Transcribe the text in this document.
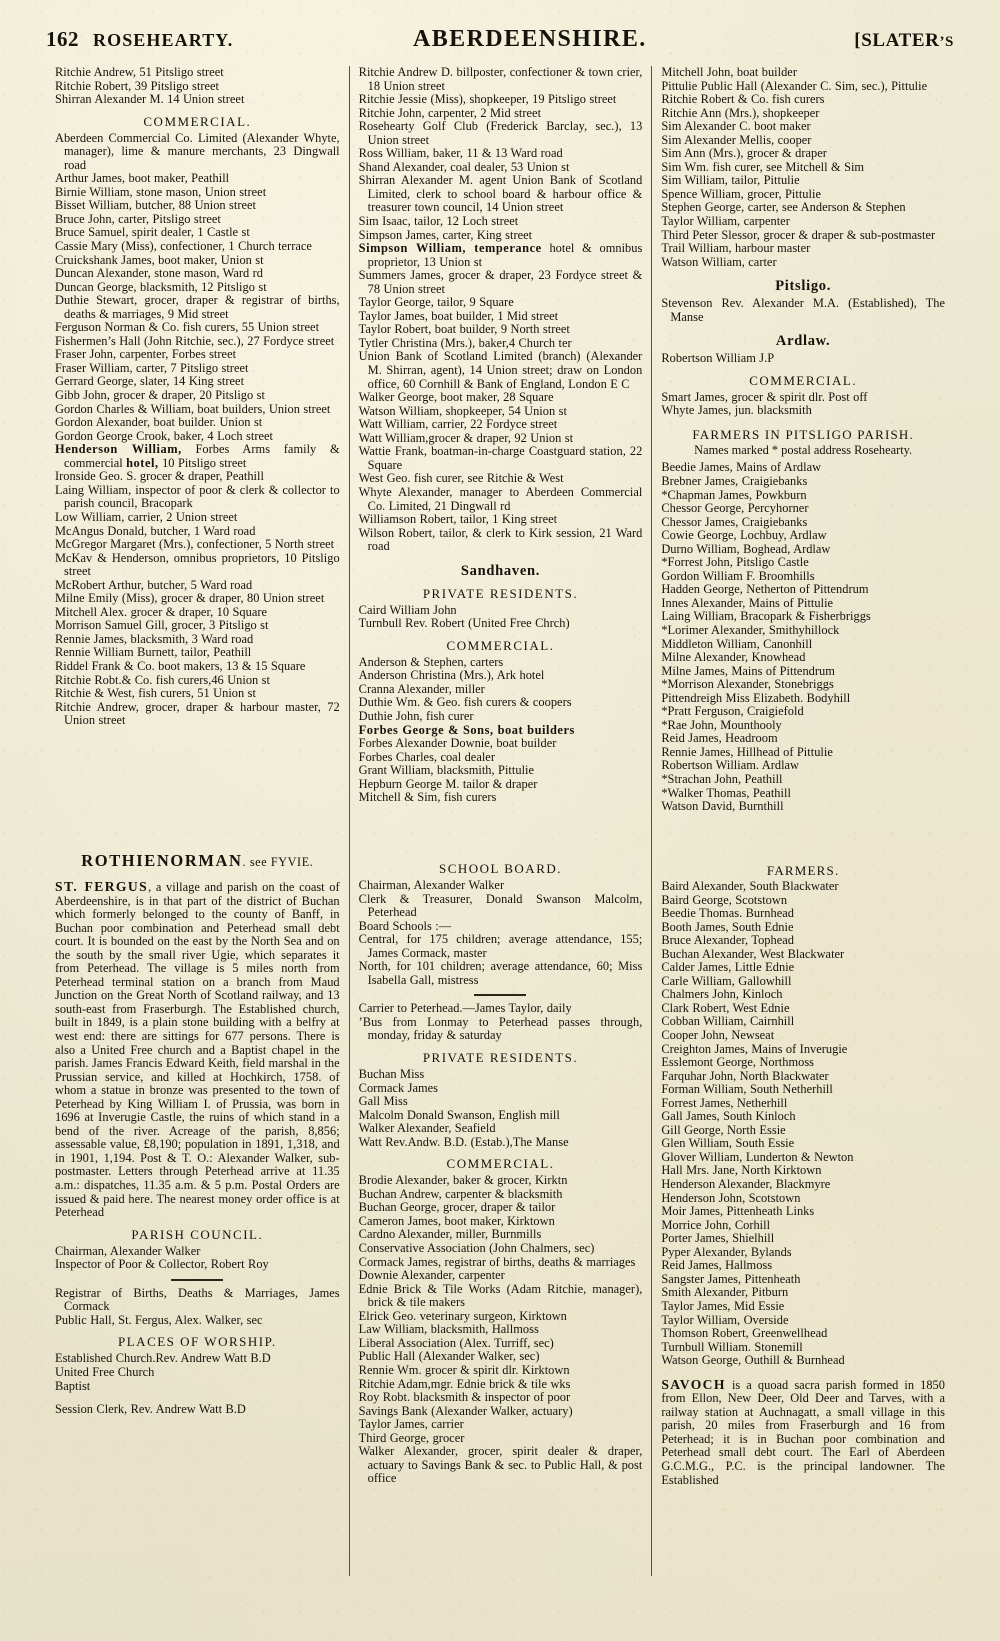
162 ROSEHEARTY.	ABERDEENSHIRE.	[SLATER’S

Ritchie Andrew, 51 Pitsligo street

Ritchie Robert, 39 Pitsligo street

Shirran Alexander M. 14 Union street

COMMERCIAL.

Aberdeen Commercial Co. Limited (Alexander Whyte, manager), lime & manure merchants, 23 Dingwall road

Arthur James, boot maker, Peathill

Birnie William, stone mason, Union street

Bisset William, butcher, 88 Union street

Bruce John, carter, Pitsligo street

Bruce Samuel, spirit dealer, 1 Castle st

Cassie Mary (Miss), confectioner, 1 Church terrace

Cruickshank James, boot maker, Union st

Duncan Alexander, stone mason, Ward rd

Duncan George, blacksmith, 12 Pitsligo st

Duthie Stewart, grocer, draper & registrar of births, deaths & marriages, 9 Mid street

Ferguson Norman & Co. fish curers, 55 Union street

Fishermen’s Hall (John Ritchie, sec.), 27 Fordyce street

Fraser John, carpenter, Forbes street

Fraser William, carter, 7 Pitsligo street

Gerrard George, slater, 14 King street

Gibb John, grocer & draper, 20 Pitsligo st

Gordon Charles & William, boat builders, Union street

Gordon Alexander, boat builder. Union st

Gordon George Crook, baker, 4 Loch street

Henderson William, Forbes Arms family & commercial hotel, 10 Pitsligo street

Ironside Geo. S. grocer & draper, Peathill

Laing William, inspector of poor & clerk & collector to parish council, Bracopark

Low William, carrier, 2 Union street

McAngus Donald, butcher, 1 Ward road

McGregor Margaret (Mrs.), confectioner, 5 North street

McKav & Henderson, omnibus proprietors, 10 Pitsligo street

McRobert Arthur, butcher, 5 Ward road

Milne Emily (Miss), grocer & draper, 80 Union street

Mitchell Alex. grocer & draper, 10 Square

Morrison Samuel Gill, grocer, 3 Pitsligo st

Rennie James, blacksmith, 3 Ward road

Rennie William Burnett, tailor, Peathill

Riddel Frank & Co. boot makers, 13 & 15 Square

Ritchie Robt.& Co. fish curers,46 Union st

Ritchie & West, fish curers, 51 Union st

Ritchie Andrew, grocer, draper & harbour master, 72 Union street

Ritchie Andrew D. billposter, confectioner & town crier, 18 Union street

Ritchie Jessie (Miss), shopkeeper, 19 Pitsligo street

Ritchie John, carpenter, 2 Mid street

Rosehearty Golf Club (Frederick Barclay, sec.), 13 Union street

Ross William, baker, 11 & 13 Ward road

Shand Alexander, coal dealer, 53 Union st

Shirran Alexander M. agent Union Bank of Scotland Limited, clerk to school board & harbour office & treasurer town council, 14 Union street

Sim Isaac, tailor, 12 Loch street

Simpson James, carter, King street

Simpson William, temperance hotel & omnibus proprietor, 13 Union st

Summers James, grocer & draper, 23 Fordyce street & 78 Union street

Taylor George, tailor, 9 Square

Taylor James, boat builder, 1 Mid street

Taylor Robert, boat builder, 9 North street

Tytler Christina (Mrs.), baker,4 Church ter

Union Bank of Scotland Limited (branch) (Alexander M. Shirran, agent), 14 Union street; draw on London office, 60 Cornhill & Bank of England, London E C

Walker George, boot maker, 28 Square

Watson William, shopkeeper, 54 Union st

Watt William, carrier, 22 Fordyce street

Watt William,grocer & draper, 92 Union st

Wattie Frank, boatman-in-charge Coastguard station, 22 Square

West Geo. fish curer, see Ritchie & West

Whyte Alexander, manager to Aberdeen Commercial Co. Limited, 21 Dingwall rd

Williamson Robert, tailor, 1 King street

Wilson Robert, tailor, & clerk to Kirk session, 21 Ward road

Sandhaven.
PRIVATE RESIDENTS.

Caird William John

Turnbull Rev. Robert (United Free Chrch)

COMMERCIAL.

Anderson & Stephen, carters

Anderson Christina (Mrs.), Ark hotel

Cranna Alexander, miller

Duthie Wm. & Geo. fish curers & coopers

Duthie John, fish curer

Forbes George & Sons, boat builders

Forbes Alexander Downie, boat builder

Forbes Charles, coal dealer

Grant William, blacksmith, Pittulie

Hepburn George M. tailor & draper

Mitchell & Sim, fish curers

Mitchell John, boat builder

Pittulie Public Hall (Alexander C. Sim, sec.), Pittulie

Ritchie Robert & Co. fish curers

Ritchie Ann (Mrs.), shopkeeper

Sim Alexander C. boot maker

Sim Alexander Mellis, cooper

Sim Ann (Mrs.), grocer & draper

Sim Wm. fish curer, see Mitchell & Sim

Sim William, tailor, Pittulie

Spence William, grocer, Pittulie

Stephen George, carter, see Anderson & Stephen

Taylor William, carpenter

Third Peter Slessor, grocer & draper & sub-postmaster

Trail William, harbour master

Watson William, carter

Pitsligo.

Stevenson Rev. Alexander M.A. (Established), The Manse

Ardlaw.

Robertson William J.P

COMMERCIAL.

Smart James, grocer & spirit dlr. Post off

Whyte James, jun. blacksmith

FARMERS IN PITSLIGO PARISH.
Names marked * postal address Rosehearty.

Beedie James, Mains of Ardlaw

Brebner James, Craigiebanks

*Chapman James, Powkburn

Chessor George, Percyhorner

Chessor James, Craigiebanks

Cowie George, Lochbuy, Ardlaw

Durno William, Boghead, Ardlaw

*Forrest John, Pitsligo Castle

Gordon William F. Broomhills

Hadden George, Netherton of Pittendrum

Innes Alexander, Mains of Pittulie

Laing William, Bracopark & Fisherbriggs

*Lorimer Alexander, Smithyhillock

Middleton William, Canonhill

Milne Alexander, Knowhead

Milne James, Mains of Pittendrum

*Morrison Alexander, Stonebriggs

Pittendreigh Miss Elizabeth. Bodyhill

*Pratt Ferguson, Craigiefold

*Rae John, Mounthooly

Reid James, Headroom

Rennie James, Hillhead of Pittulie

Robertson William. Ardlaw

*Strachan John, Peathill

*Walker Thomas, Peathill

Watson David, Burnthill

ROTHIENORMAN. see FYVIE.

ST. FERGUS, a village and parish on the coast of Aberdeenshire, is in that part of the district of Buchan which formerly belonged to the county of Banff, in Buchan poor combination and Peterhead small debt court. It is bounded on the east by the North Sea and on the south by the small river Ugie, which separates it from Peterhead. The village is 5 miles north from Peterhead terminal station on a branch from Maud Junction on the Great North of Scotland railway, and 13 south-east from Fraserburgh. The Established church, built in 1849, is a plain stone building with a belfry at west end: there are sittings for 677 persons. There is also a United Free church and a Baptist chapel in the parish. James Francis Edward Keith, field marshal in the Prussian service, and killed at Hochkirch, 1758. of whom a statue in bronze was presented to the town of Peterhead by King William I. of Prussia, was born in 1696 at Inverugie Castle, the ruins of which stand in a bend of the river. Acreage of the parish, 8,856; assessable value, £8,190; population in 1891, 1,318, and in 1901, 1,194. Post & T. O.: Alexander Walker, sub-postmaster. Letters through Peterhead arrive at 11.35 a.m.: dispatches, 11.35 a.m. & 5 p.m. Postal Orders are issued & paid here. The nearest money order office is at Peterhead

PARISH COUNCIL.

Chairman, Alexander Walker

Inspector of Poor & Collector, Robert Roy

Registrar of Births, Deaths & Marriages, James Cormack

Public Hall, St. Fergus, Alex. Walker, sec

PLACES OF WORSHIP.

Established Church.Rev. Andrew Watt B.D

United Free Church

Baptist

Session Clerk, Rev. Andrew Watt B.D

SCHOOL BOARD.

Chairman, Alexander Walker

Clerk & Treasurer, Donald Swanson Malcolm, Peterhead

Board Schools :—

Central, for 175 children; average attendance, 155; James Cormack, master

North, for 101 children; average attendance, 60; Miss Isabella Gall, mistress

Carrier to Peterhead.—James Taylor, daily

’Bus from Lonmay to Peterhead passes through, monday, friday & saturday

PRIVATE RESIDENTS.

Buchan Miss

Cormack James

Gall Miss

Malcolm Donald Swanson, English mill

Walker Alexander, Seafield

Watt Rev.Andw. B.D. (Estab.),The Manse

COMMERCIAL.

Brodie Alexander, baker & grocer, Kirktn

Buchan Andrew, carpenter & blacksmith

Buchan George, grocer, draper & tailor

Cameron James, boot maker, Kirktown

Cardno Alexander, miller, Burnmills

Conservative Association (John Chalmers, sec)

Cormack James, registrar of births, deaths & marriages

Downie Alexander, carpenter

Ednie Brick & Tile Works (Adam Ritchie, manager), brick & tile makers

Elrick Geo. veterinary surgeon, Kirktown

Law William, blacksmith, Hallmoss

Liberal Association (Alex. Turriff, sec)

Public Hall (Alexander Walker, sec)

Rennie Wm. grocer & spirit dlr. Kirktown

Ritchie Adam,mgr. Ednie brick & tile wks

Roy Robt. blacksmith & inspector of poor

Savings Bank (Alexander Walker, actuary)

Taylor James, carrier

Third George, grocer

Walker Alexander, grocer, spirit dealer & draper, actuary to Savings Bank & sec. to Public Hall, & post office

FARMERS.

Baird Alexander, South Blackwater

Baird George, Scotstown

Beedie Thomas. Burnhead

Booth James, South Ednie

Bruce Alexander, Tophead

Buchan Alexander, West Blackwater

Calder James, Little Ednie

Carle William, Gallowhill

Chalmers John, Kinloch

Clark Robert, West Ednie

Cobban William, Cairnhill

Cooper John, Newseat

Creighton James, Mains of Inverugie

Esslemont George, Northmoss

Farquhar John, North Blackwater

Forman William, South Netherhill

Forrest James, Netherhill

Gall James, South Kinloch

Gill George, North Essie

Glen William, South Essie

Glover William, Lunderton & Newton

Hall Mrs. Jane, North Kirktown

Henderson Alexander, Blackmyre

Henderson John, Scotstown

Moir James, Pittenheath Links

Morrice John, Corhill

Porter James, Shielhill

Pyper Alexander, Bylands

Reid James, Hallmoss

Sangster James, Pittenheath

Smith Alexander, Pitburn

Taylor James, Mid Essie

Taylor William, Overside

Thomson Robert, Greenwellhead

Turnbull William. Stonemill

Watson George, Outhill & Burnhead

SAVOCH is a quoad sacra parish formed in 1850 from Ellon, New Deer, Old Deer and Tarves, with a railway station at Auchnagatt, a small village in this parish, 20 miles from Fraserburgh and 16 from Peterhead; it is in Buchan poor combination and Peterhead small debt court. The Earl of Aberdeen G.C.M.G., P.C. is the principal landowner. The Established
